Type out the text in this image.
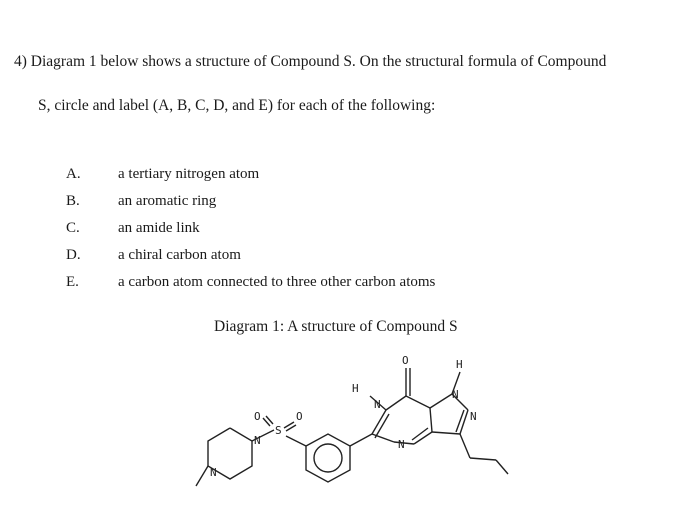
4) Diagram 1 below shows a structure of Compound S. On the structural formula of Compound
S, circle and label (A, B, C, D, and E) for each of the following:
A. a tertiary nitrogen atom
B.	an aromatic ring
C.	an amide link
D. a chiral carbon atom
E.	a carbon atom connected to three other carbon atoms
Diagram 1: A structure of Compound S
O
S
O
N
N
H
N
O
N
H
N
N
